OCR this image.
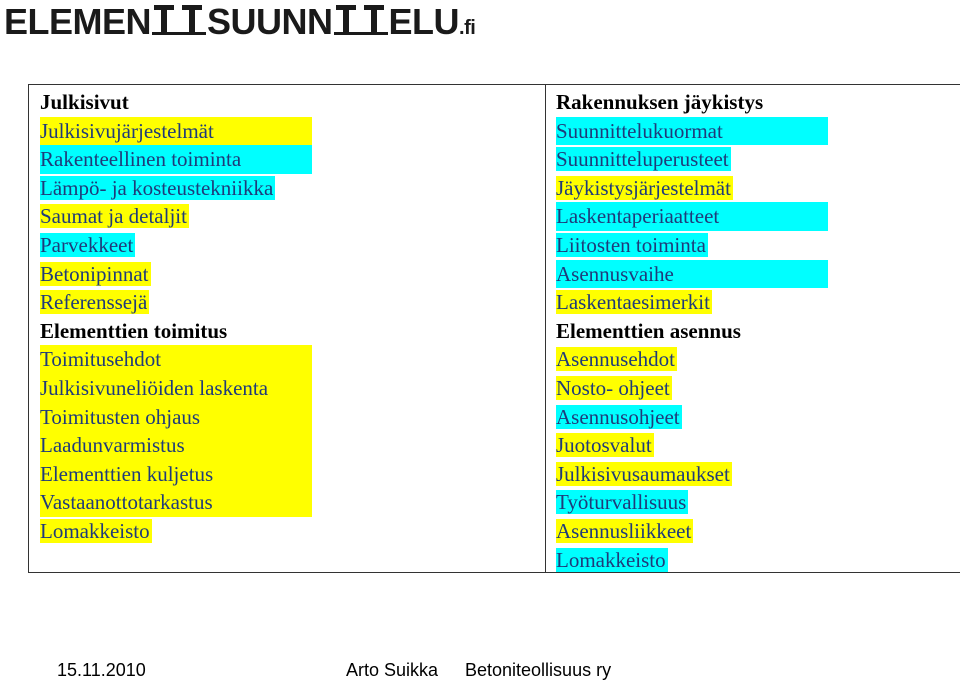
ELEMEN SUUNN ELU.fi
Julkisivut
Julkisivujärjestelmät
Rakenteellinen toiminta
Lämpö- ja kosteustekniikka
Saumat ja detaljit
Parvekkeet
Betonipinnat
Referenssejä
Elementtien toimitus
Toimitusehdot
Julkisivuneliöiden laskenta
Toimitusten ohjaus
Laadunvarmistus
Elementtien kuljetus
Vastaanottotarkastus
Lomakkeisto
Rakennuksen jäykistys
Suunnittelukuormat
Suunnitteluperusteet
Jäykistysjärjestelmät
Laskentaperiaatteet
Liitosten toiminta
Asennusvaihe
Laskentaesimerkit
Elementtien asennus
Asennusehdot
Nosto- ohjeet
Asennusohjeet
Juotosvalut
Julkisivusaumaukset
Työturvallisuus
Asennusliikkeet
Lomakkeisto
15.11.2010	Arto Suikka Betoniteollisuus ry
